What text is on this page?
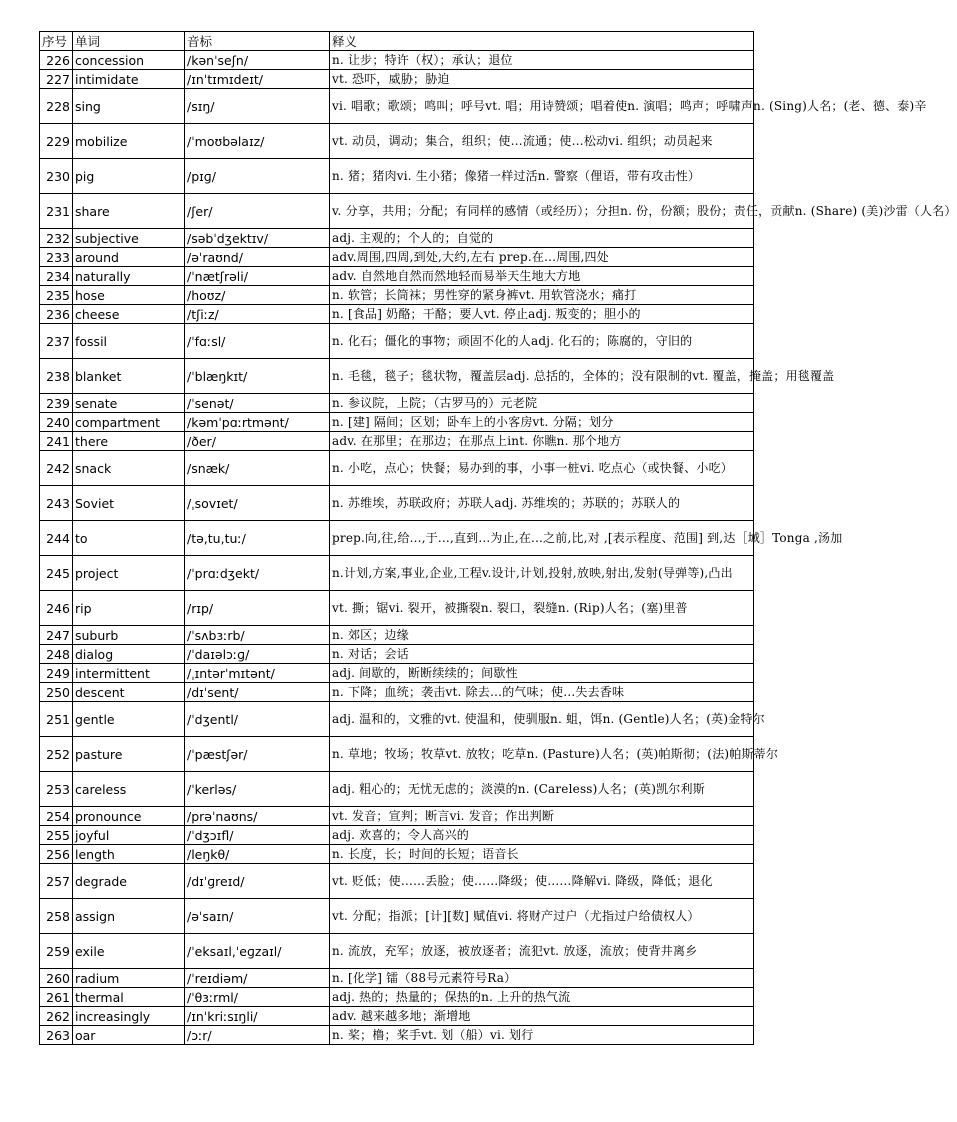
序号	单词	音标	释义
226	concession	/kənˈseʃn/	n. 让步；特许（权）；承认；退位
227	intimidate	/ɪnˈtɪmɪdeɪt/	vt. 恐吓，威胁；胁迫
228	sing	/sɪŋ/	vi. 唱歌；歌颂；鸣叫；呼号vt. 唱；用诗赞颂；唱着使n. 演唱；鸣声；呼啸声n. (Sing)人名；(老、德、泰)辛
229	mobilize	/ˈmoʊbəlaɪz/	vt. 动员，调动；集合，组织；使…流通；使…松动vi. 组织；动员起来
230	pig	/pɪɡ/	n. 猪；猪肉vi. 生小猪；像猪一样过活n. 警察（俚语，带有攻击性）
231	share	/ʃer/	v. 分享，共用；分配；有同样的感情（或经历）；分担n. 份，份额；股份；责任，贡献n. (Share) (美)沙雷（人名）
232	subjective	/səbˈdʒektɪv/	adj. 主观的；个人的；自觉的
233	around	/əˈraʊnd/	adv.周围,四周,到处,大约,左右 prep.在...周围,四处
234	naturally	/ˈnætʃrəli/	adv. 自然地自然而然地轻而易举天生地大方地
235	hose	/hoʊz/	n. 软管；长筒袜；男性穿的紧身裤vt. 用软管浇水；痛打
236	cheese	/tʃiːz/	n. [食品] 奶酪；干酪；要人vt. 停止adj. 叛变的；胆小的
237	fossil	/ˈfɑːsl/	n. 化石；僵化的事物；顽固不化的人adj. 化石的；陈腐的，守旧的
238	blanket	/ˈblæŋkɪt/	n. 毛毯，毯子；毯状物，覆盖层adj. 总括的，全体的；没有限制的vt. 覆盖，掩盖；用毯覆盖
239	senate	/ˈsenət/	n. 参议院，上院；（古罗马的）元老院
240	compartment	/kəmˈpɑːrtmənt/	n. [建] 隔间；区划；卧车上的小客房vt. 分隔；划分
241	there	/ðer/	adv. 在那里；在那边；在那点上int. 你瞧n. 那个地方
242	snack	/snæk/	n. 小吃，点心；快餐；易办到的事，小事一桩vi. 吃点心（或快餐、小吃）
243	Soviet	/ˌsovɪet/	n. 苏维埃，苏联政府；苏联人adj. 苏维埃的；苏联的；苏联人的
244	to	/tə,tu,tuː/	prep.向,往,给...,于...,直到...为止,在...之前,比,对 ,[表示程度、范围] 到,达［域］Tonga ,汤加
245	project	/ˈprɑːdʒekt/	n.计划,方案,事业,企业,工程v.设计,计划,投射,放映,射出,发射(导弹等),凸出
246	rip	/rɪp/	vt. 撕；锯vi. 裂开，被撕裂n. 裂口，裂缝n. (Rip)人名；(塞)里普
247	suburb	/ˈsʌbɜːrb/	n. 郊区；边缘
248	dialog	/ˈdaɪəlɔːɡ/	n. 对话；会话
249	intermittent	/ˌɪntərˈmɪtənt/	adj. 间歇的，断断续续的；间歇性
250	descent	/dɪˈsent/	n. 下降；血统；袭击vt. 除去…的气味；使…失去香味
251	gentle	/ˈdʒentl/	adj. 温和的，文雅的vt. 使温和，使驯服n. 蛆，饵n. (Gentle)人名；(英)金特尔
252	pasture	/ˈpæstʃər/	n. 草地；牧场；牧草vt. 放牧；吃草n. (Pasture)人名；(英)帕斯彻；(法)帕斯蒂尔
253	careless	/ˈkerləs/	adj. 粗心的；无忧无虑的；淡漠的n. (Careless)人名；(英)凯尔利斯
254	pronounce	/prəˈnaʊns/	vt. 发音；宣判；断言vi. 发音；作出判断
255	joyful	/ˈdʒɔɪfl/	adj. 欢喜的；令人高兴的
256	length	/leŋkθ/	n. 长度，长；时间的长短；语音长
257	degrade	/dɪˈɡreɪd/	vt. 贬低；使……丢脸；使……降级；使……降解vi. 降级，降低；退化
258	assign	/əˈsaɪn/	vt. 分配；指派；[计][数] 赋值vi. 将财产过户（尤指过户给债权人）
259	exile	/ˈeksaɪl,ˈeɡzaɪl/	n. 流放，充军；放逐，被放逐者；流犯vt. 放逐，流放；使背井离乡
260	radium	/ˈreɪdiəm/	n. [化学] 镭（88号元素符号Ra）
261	thermal	/ˈθɜːrml/	adj. 热的；热量的；保热的n. 上升的热气流
262	increasingly	/ɪnˈkriːsɪŋli/	adv. 越来越多地；渐增地
263	oar	/ɔːr/	n. 桨；橹；桨手vt. 划（船）vi. 划行
